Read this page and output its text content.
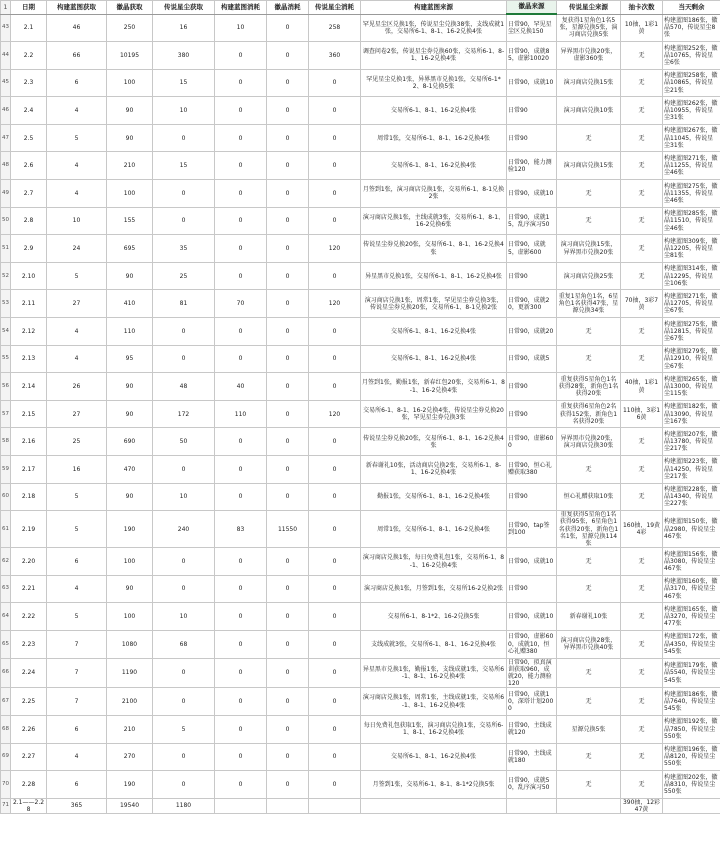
1	日期	构建蓝图获取	徽晶获取	传说星尘获取	构建蓝图消耗	徽晶消耗	传说星尘消耗	构建蓝图来源	徽晶来源	传说星尘来源	抽卡次数	当天剩余
43	2.1	46	250	16	10	0	258	罕见星尘区兑换1张，传说星尘兑换38张，支线成就1张，交易所6-1、8-1、16-2兑换4张	日常90，罕见星尘区兑换150	复获得1星角色1名5张，星源兑换5张，演习商店兑换5张	10抽，1彩1黄	构建蓝图186张，徽晶570，传说星尘8张
44	2.2	66	10195	380	0	0	360	调查问卷2张，传说星尘券兑换60张，交易所6-1、8-1、16-2兑换4张	日常90，成就85，虚影10020	异界黑市兑换20张，虚影360张	无	构建蓝图252张，徽晶10765，传说星尘6张
45	2.3	6	100	15	0	0	0	罕见星尘兑换1张，异界黑市兑换1张，交易所6-1*2、8-1兑换5张	日常90，成就10	演习商店兑换15张	无	构建蓝图258张，徽晶10865，传说星尘21张
46	2.4	4	90	10	0	0	0	交易所6-1、8-1、16-2兑换4张	日常90	演习商店兑换10张	无	构建蓝图262张，徽晶10955，传说星尘31张
47	2.5	5	90	0	0	0	0	周常1张，交易所6-1、8-1、16-2兑换4张	日常90	无	无	构建蓝图267张，徽晶11045，传说星尘31张
48	2.6	4	210	15	0	0	0	交易所6-1、8-1、16-2兑换4张	日常90，能力测验120	演习商店兑换15张	无	构建蓝图271张，徽晶11255，传说星尘46张
49	2.7	4	100	0	0	0	0	月签到1张，演习商店兑换1张，交易所6-1、8-1兑换2张	日常90，成就10	无	无	构建蓝图275张，徽晶11355，传说星尘46张
50	2.8	10	155	0	0	0	0	演习商店兑换1张，主线成就3张，交易所6-1、8-1、16-2兑换6张	日常90，成就15，乱序演习50	无	无	构建蓝图285张，徽晶11510，传说星尘46张
51	2.9	24	695	35	0	0	120	传说星尘券兑换20张，交易所6-1、8-1、16-2兑换4张	日常90，成就5，虚影600	演习商店兑换15张，异界黑市兑换20张	无	构建蓝图309张，徽晶12205，传说星尘81张
52	2.10	5	90	25	0	0	0	异星黑市兑换1张，交易所6-1、8-1、16-2兑换4张	日常90	演习商店兑换25张	无	构建蓝图314张，徽晶12295，传说星尘106张
53	2.11	27	410	81	70	0	120	演习商店兑换1张，周常1张，罕见星尘券兑换3张，传说星尘券兑换20张，交易所6-1、8-1兑换2张	日常90，成就20，更新300	重复1星角色1名，6星角色1名获得47张，星源兑换34张	70抽，3彩7黄	构建蓝图271张，徽晶12705，传说星尘67张
54	2.12	4	110	0	0	0	0	交易所6-1、8-1、16-2兑换4张	日常90，成就20	无	无	构建蓝图275张，徽晶12815，传说星尘67张
55	2.13	4	95	0	0	0	0	交易所6-1、8-1、16-2兑换4张	日常90，成就5	无	无	构建蓝图279张，徽晶12910，传说星尘67张
56	2.14	26	90	48	40	0	0	月签到1张，勤报1张，新春红包20张，交易所6-1、8-1、16-2兑换4张	日常90	重复获得5星角色1名获得28张，新角色1名获得20张	40抽，1彩1黄	构建蓝图265张，徽晶13000，传说星尘115张
57	2.15	27	90	172	110	0	120	交易所6-1、8-1、16-2兑换4张，传说星尘券兑换20张，罕见星尘券兑换3张	日常90	重复获得6星角色2名获得152张，新角色1名获得20张	110抽，3彩16黄	构建蓝图182张，徽晶13090，传说星尘167张
58	2.16	25	690	50	0	0	0	传说星尘券兑换20张，交易所6-1、8-1、16-2兑换4张	日常90，虚影600	异界黑市兑换20张，演习商店兑换30张	无	构建蓝图207张，徽晶13780，传说星尘217张
59	2.17	16	470	0	0	0	0	新春谢礼10张，活动商店兑换2张，交易所6-1、8-1、16-2兑换4张	日常90，恒心礼赠获取380	无	无	构建蓝图223张，徽晶14250，传说星尘217张
60	2.18	5	90	10	0	0	0	勤报1张，交易所6-1、8-1、16-2兑换4张	日常90	恒心礼赠获取10张	无	构建蓝图228张，徽晶14340，传说星尘227张
61	2.19	5	190	240	83	11550	0	周常1张，交易所6-1、8-1、16-2兑换4张	日常90，tap签到100	重复获得5星角色1名获得95张，6星角色1名获得20张，新角色1名1张，星源兑换114张	160抽，19黄4彩	构建蓝图150张，徽晶2980，传说星尘467张
62	2.20	6	100	0	0	0	0	演习商店兑换1张，每日免费礼包1张，交易所6-1、8-1、16-2兑换4张	日常90，成就10	无	无	构建蓝图156张，徽晶3080，传说星尘467张
63	2.21	4	90	0	0	0	0	演习商店兑换1张，月签到1张，交易所16-2兑换2张	日常90	无	无	构建蓝图160张，徽晶3170，传说星尘467张
64	2.22	5	100	10	0	0	0	交易所6-1、8-1*2、16-2兑换5张	日常90，成就10	新春谢礼10张	无	构建蓝图165张，徽晶3270，传说星尘477张
65	2.23	7	1080	68	0	0	0	支线成就3张，交易所6-1、8-1、16-2兑换4张	日常90，虚影600，成就10，恒心礼赠380	演习商店兑换28张，异界黑市兑换40张	无	构建蓝图172张，徽晶4350，传说星尘545张
66	2.24	7	1190	0	0	0	0	异星黑市兑换1张，勤报1张，支线成就1张，交易所6-1、8-1、16-2兑换4张	日常90，拟真演训获取960，成就20，能力测验120	无	无	构建蓝图179张，徽晶5540，传说星尘545张
67	2.25	7	2100	0	0	0	0	演习商店兑换1张，周常1张，主线成就1张，交易所6-1、8-1、16-2兑换4张	日常90，成就10，深塔计划2000	无	无	构建蓝图186张，徽晶7640，传说星尘545张
68	2.26	6	210	5	0	0	0	每日免费礼包获取1张，演习商店兑换1张，交易所6-1、8-1、16-2兑换4张	日常90，主线成就120	星源兑换5张	无	构建蓝图192张，徽晶7850，传说星尘550张
69	2.27	4	270	0	0	0	0	交易所6-1、8-1、16-2兑换4张	日常90，主线成就180	无	无	构建蓝图196张，徽晶8120，传说星尘550张
70	2.28	6	190	0	0	0	0	月签到1张，交易所6-1、8-1、8-1*2兑换5张	日常90，成就50，乱序演习50	无	无	构建蓝图202张，徽晶8310，传说星尘550张
71	2.1——2.28	365	19540	1180							390抽，12彩47黄	
